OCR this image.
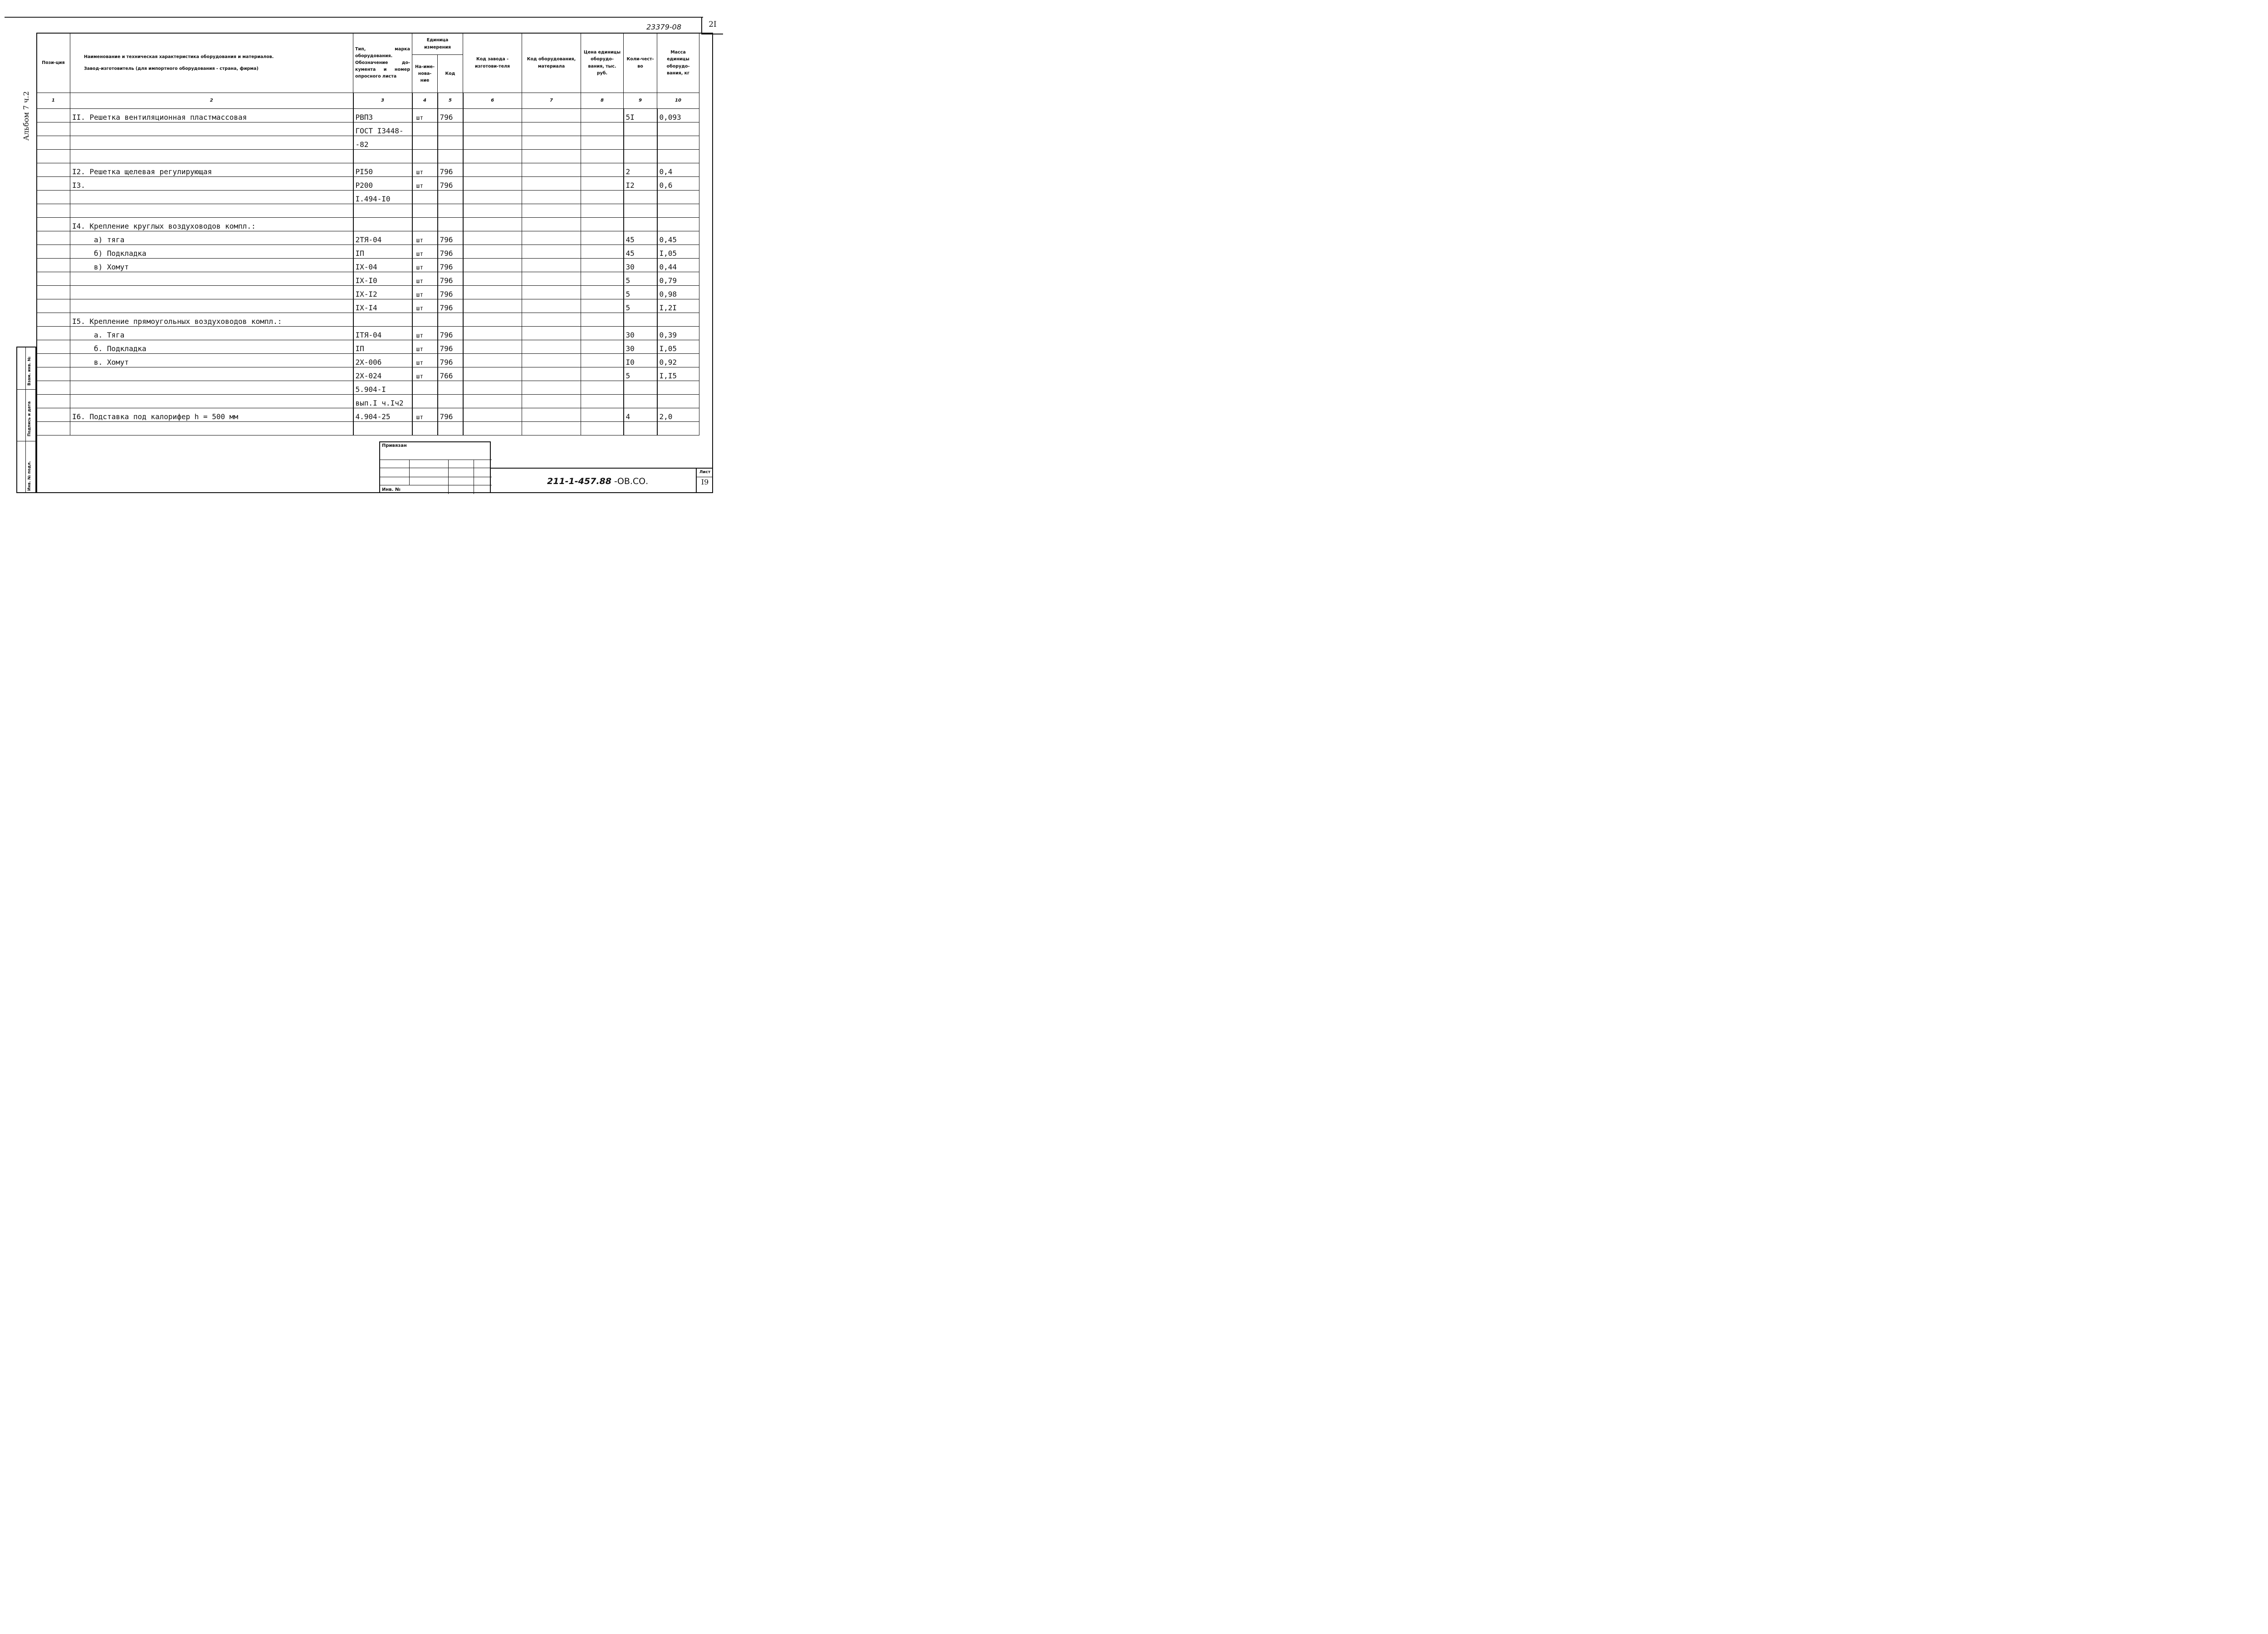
23379-08	2I
Альбом 7 ч.2
Пози-ция	Наименование и техническая характеристика оборудования и материалов.
Завод-изготовитель (для импортного оборудования - страна, фирма)	Тип, марка оборудования. Обозначение до-кумента и номер опросного листа	Единица измерения		Код завода - изготови-теля	Код оборудования, материала	Цена единицы оборудо-вания, тыс. руб.	Коли-чест-во	Масса единицы оборудо-вания, кг
			На-име-нова-ние	Код					
1	2	3	4	5	6	7	8	9	10
	II. Решетка вентиляционная пластмассовая	РВПЗ	шт	796				5I	0,093
		ГОСТ I3448-							
		-82							

	I2. Решетка щелевая регулирующая	РI50	шт	796				2	0,4
	I3.	Р200	шт	796				I2	0,6
		I.494-I0							

	I4. Крепление круглых воздуховодов компл.:								
	а) тяга	2ТЯ-04	шт	796				45	0,45
	б) Подкладка	IП	шт	796				45	I,05
	в) Хомут	IX-04	шт	796				30	0,44
		IX-I0	шт	796				5	0,79
		IX-I2	шт	796				5	0,98
		IX-I4	шт	796				5	I,2I
	I5. Крепление прямоугольных воздуховодов компл.:								
	а. Тяга	IТЯ-04	шт	796				30	0,39
	б. Подкладка	IП	шт	796				30	I,05
	в. Хомут	2X-006	шт	796				I0	0,92
		2X-024	шт	766				5	I,I5
		5.904-I							
		вып.I ч.Iч2							
	I6. Подставка под калорифер h = 500 мм	4.904-25	шт	796				4	2,0

Взам. инв. №
Подпись и дата
Инв. № подл.
Привязан
Инв. №
211-1-457.88 -ОВ.СО.
Лист
I9
